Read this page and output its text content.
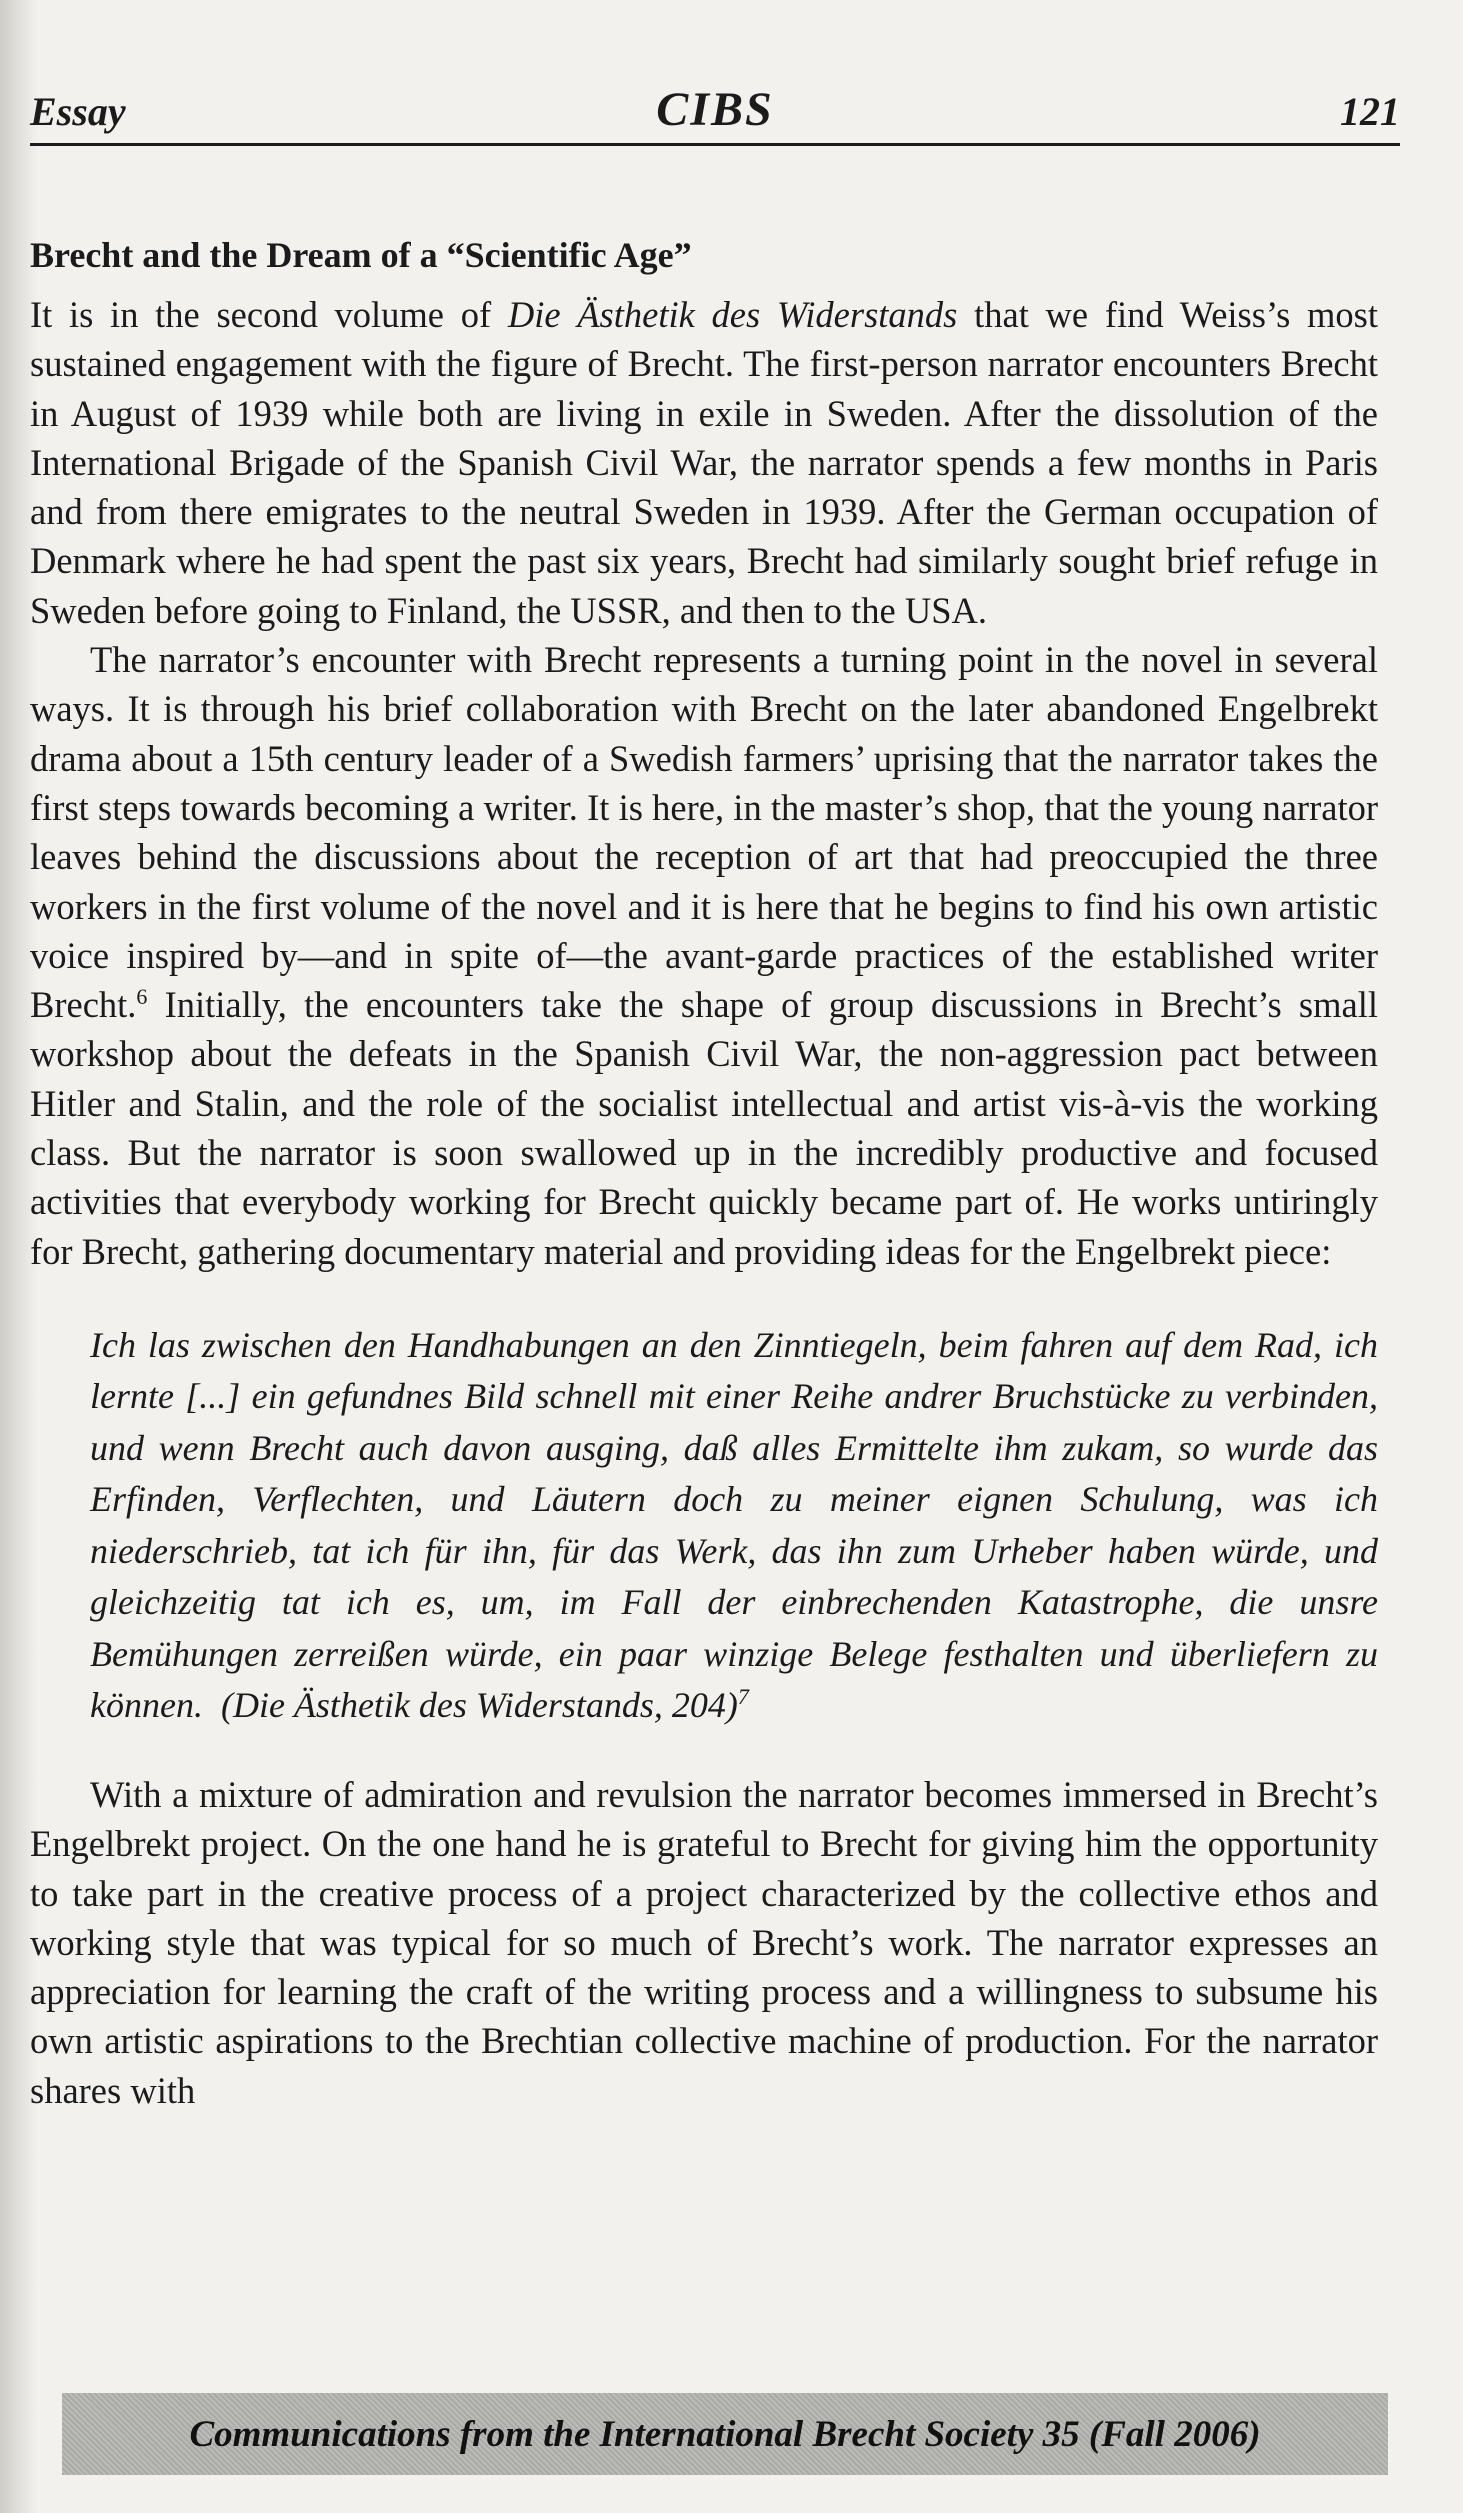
Essay	CIBS	121
Brecht and the Dream of a “Scientific Age”

It is in the second volume of Die Ästhetik des Widerstands that we find Weiss’s most sustained engagement with the figure of Brecht. The first-person narrator encounters Brecht in August of 1939 while both are living in exile in Sweden. After the dissolution of the International Brigade of the Spanish Civil War, the narrator spends a few months in Paris and from there emigrates to the neutral Sweden in 1939. After the German occupation of Denmark where he had spent the past six years, Brecht had similarly sought brief refuge in Sweden before going to Finland, the USSR, and then to the USA.

The narrator’s encounter with Brecht represents a turning point in the novel in several ways. It is through his brief collaboration with Brecht on the later abandoned Engelbrekt drama about a 15th century leader of a Swedish farmers’ uprising that the narrator takes the first steps towards becoming a writer. It is here, in the master’s shop, that the young narrator leaves behind the discussions about the reception of art that had preoccupied the three workers in the first volume of the novel and it is here that he begins to find his own artistic voice inspired by—and in spite of—the avant-garde practices of the established writer Brecht.$^6$ Initially, the encounters take the shape of group discussions in Brecht’s small workshop about the defeats in the Spanish Civil War, the non-aggression pact between Hitler and Stalin, and the role of the socialist intellectual and artist vis-à-vis the working class. But the narrator is soon swallowed up in the incredibly productive and focused activities that everybody working for Brecht quickly became part of. He works untiringly for Brecht, gathering documentary material and providing ideas for the Engelbrekt piece:

Ich las zwischen den Handhabungen an den Zinntiegeln, beim fahren auf dem Rad, ich lernte [...] ein gefundnes Bild schnell mit einer Reihe andrer Bruchstücke zu verbinden, und wenn Brecht auch davon ausging, daß alles Ermittelte ihm zukam, so wurde das Erfinden, Verflechten, und Läutern doch zu meiner eignen Schulung, was ich niederschrieb, tat ich für ihn, für das Werk, das ihn zum Urheber haben würde, und gleichzeitig tat ich es, um, im Fall der einbrechenden Katastrophe, die unsre Bemühungen zerreißen würde, ein paar winzige Belege festhalten und überliefern zu können. (Die Ästhetik des Widerstands, 204)$^7$

With a mixture of admiration and revulsion the narrator becomes immersed in Brecht’s Engelbrekt project. On the one hand he is grateful to Brecht for giving him the opportunity to take part in the creative process of a project characterized by the collective ethos and working style that was typical for so much of Brecht’s work. The narrator expresses an appreciation for learning the craft of the writing process and a willingness to subsume his own artistic aspirations to the Brechtian collective machine of production. For the narrator shares with

Communications from the International Brecht Society 35 (Fall 2006)
